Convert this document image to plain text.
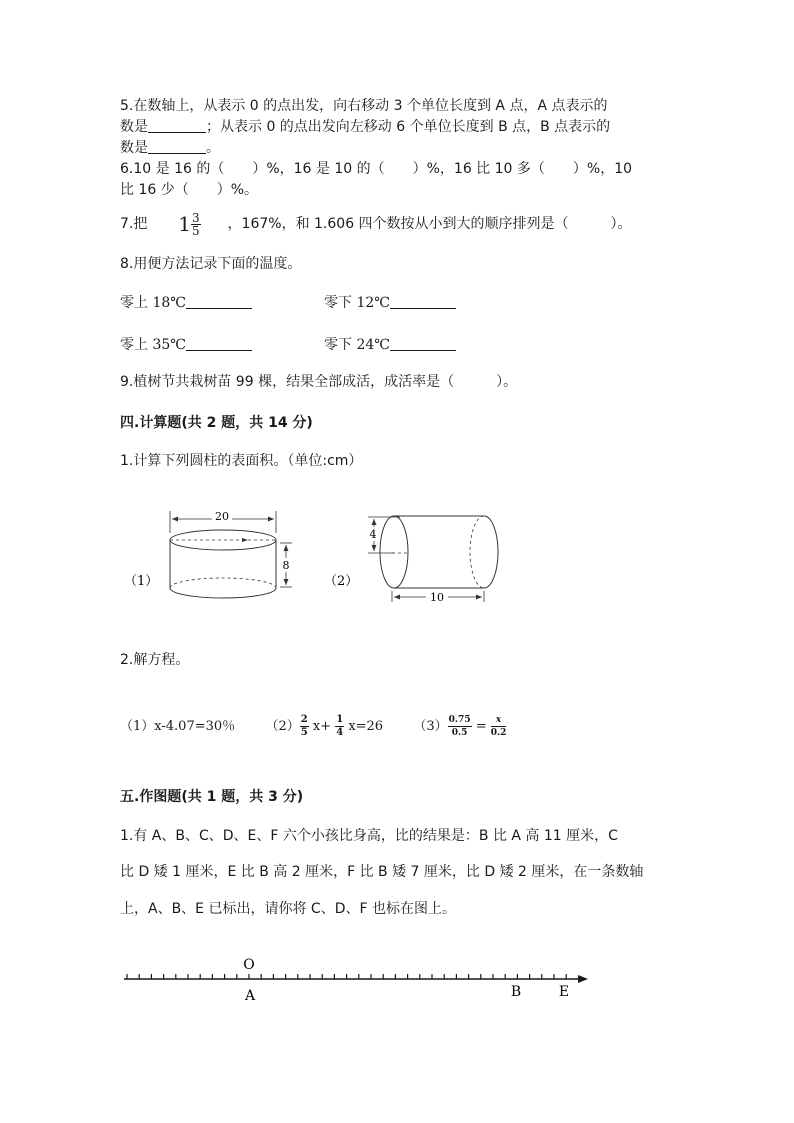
5.在数轴上，从表示 0 的点出发，向右移动 3 个单位长度到 A 点，A 点表示的
数是	；从表示 0 的点出发向左移动 6 个单位长度到 B 点，B 点表示的
数是	。
6.10 是 16 的（　　）%，16 是 10 的（　　）%，16 比 10 多（　　）%，10
比 16 少（　　）%。
7.把 $1 \frac{3}{5}$ ，167%，和 1.606 四个数按从小到大的顺序排列是（　　　）。
8.用便方法记录下面的温度。
零上 18℃	零下 12℃
零上 35℃	零下 24℃
9.植树节共栽树苗 99 棵，结果全部成活，成活率是（　　　）。
四.计算题(共 2 题，共 14 分)
1.计算下列圆柱的表面积。（单位:cm）
（1）
20
8
（2）
4
10
2.解方程。
（1）x-4.07=30％ $(2) \frac{2}{5} x+ \frac{1}{4} x=26$ $(3) \frac{0.75}{0.5} = \frac{x}{0.2}$
五.作图题(共 1 题，共 3 分)
1.有 A、B、C、D、E、F 六个小孩比身高，比的结果是：B 比 A 高 11 厘米，C
比 D 矮 1 厘米，E 比 B 高 2 厘米，F 比 B 矮 7 厘米，比 D 矮 2 厘米，在一条数轴
上，A、B、E 已标出，请你将 C、D、F 也标在图上。
O
A	B	E
